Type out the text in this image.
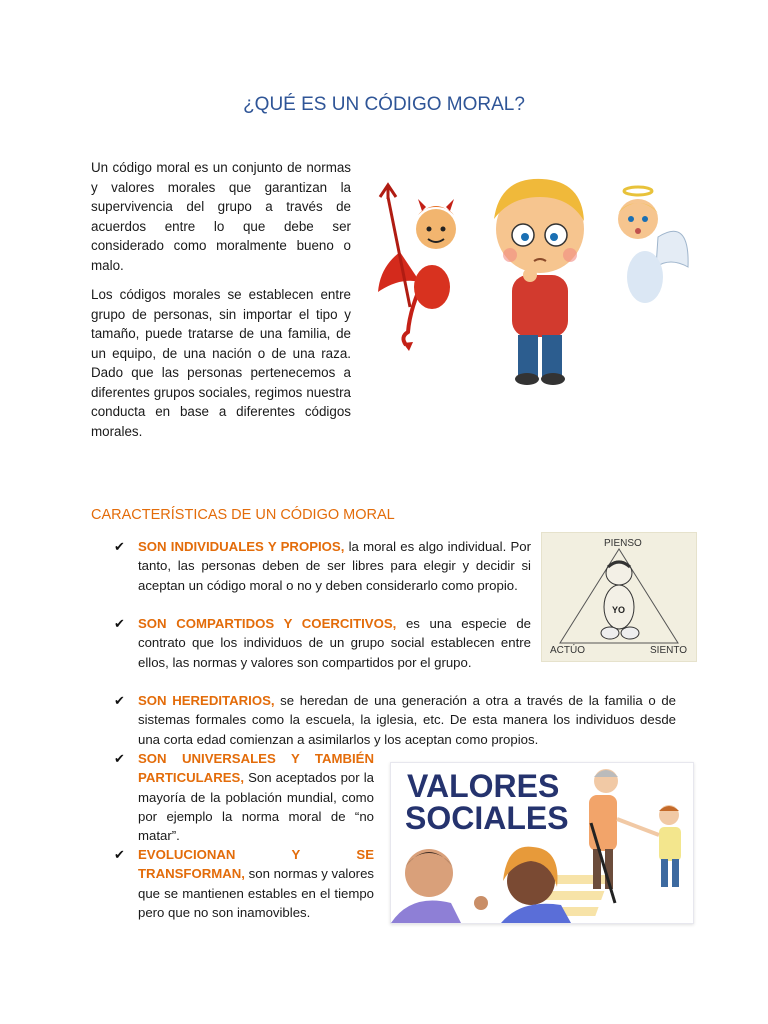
¿QUÉ ES UN CÓDIGO MORAL?

Un código moral es un conjunto de normas y valores morales que garantizan la supervivencia del grupo a través de acuerdos entre lo que debe ser considerado como moralmente bueno o malo.

Los códigos morales se establecen entre grupo de personas, sin importar el tipo y tamaño, puede tratarse de una familia, de un equipo, de una nación o de una raza. Dado que las personas pertenecemos a diferentes grupos sociales, regimos nuestra conducta en base a diferentes códigos morales.

CARACTERÍSTICAS DE UN CÓDIGO MORAL

✔ SON INDIVIDUALES Y PROPIOS, la moral es algo individual. Por tanto, las personas deben de ser libres para elegir y decidir si aceptan un código moral o no y deben considerarlo como propio.

✔ SON COMPARTIDOS Y COERCITIVOS, es una especie de contrato que los individuos de un grupo social establecen entre ellos, las normas y valores son compartidos por el grupo.

✔ SON HEREDITARIOS, se heredan de una generación a otra a través de la familia o de sistemas formales como la escuela, la iglesia, etc. De esta manera los individuos desde una corta edad comienzan a asimilarlos y los aceptan como propios.

✔ SON UNIVERSALES Y TAMBIÉN PARTICULARES, Son aceptados por la mayoría de la población mundial, como por ejemplo la norma moral de “no matar”.

✔ EVOLUCIONAN Y SE TRANSFORMAN, son normas y valores que se mantienen estables en el tiempo pero que no son inamovibles.

PIENSO
ACTÚO	SIENTO
YO
VALORES
SOCIALES
